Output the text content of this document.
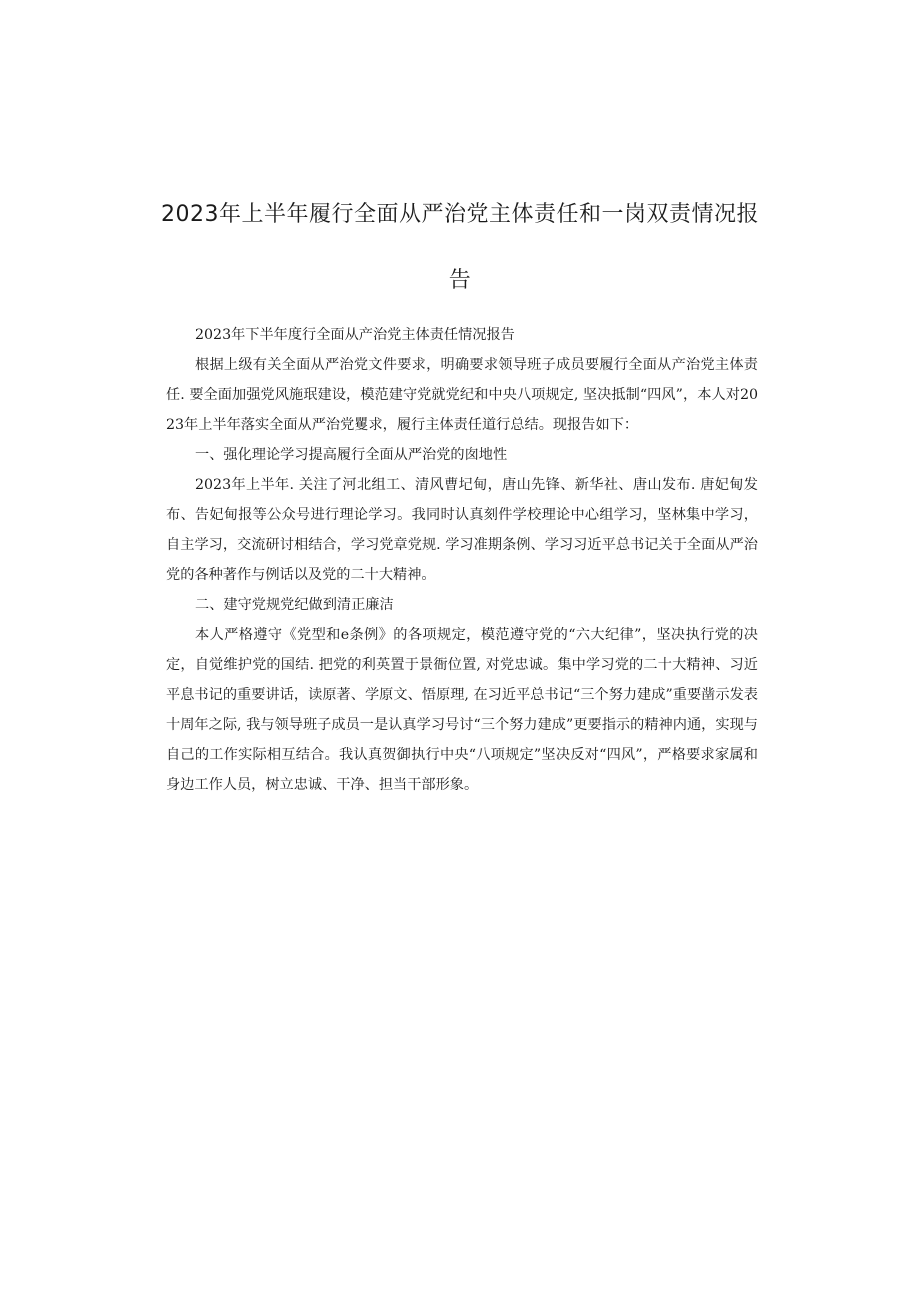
2023年上半年履行全面从严治党主体责任和一岗双责情况报
告

2023年下半年度行全面从产治党主体责任情况报告

根据上级有关全面从严治党文件要求，明确要求领导班子成员要履行全面从产治党主体责任. 要全面加强党风施珉建设，模范建守党就党纪和中央八项规定, 坚决抵制“四风”，本人对2023年上半年落实全面从严治党矍求，履行主体责任道行总结。现报告如下：

一、强化理论学习提高履行全面从严治党的囱地性

2023年上半年. 关注了河北组工、清风曹圮甸，唐山先锋、新华社、唐山发布. 唐妃甸发布、告妃甸报等公众号进行理论学习。我同时认真刻件学校理论中心组学习，坚林集中学习，自主学习，交流研讨相结合，学习党章党规. 学习准期条例、学习习近平总书记关于全面从严治党的各种著作与例话以及党的二十大精神。

二、建守党规党纪做到清正廉洁

本人严格遵守《党型和e条例》的各项规定，模范遵守党的“六大纪律”，坚决执行党的决定，自觉维护党的国结. 把党的利英置于景衙位置, 对党忠诚。集中学习党的二十大精神、习近平息书记的重要讲话，读原著、学原文、悟原理, 在习近平总书记“三个努力建成”重要凿示发表十周年之际, 我与领导班子成员一是认真学习号讨“三个努力建成”更要指示的精神内通，实现与自己的工作实际相互结合。我认真贺御执行中央“八项规定”坚决反对“四风”，严格要求家属和身边工作人员，树立忠诚、干净、担当干部形象。
